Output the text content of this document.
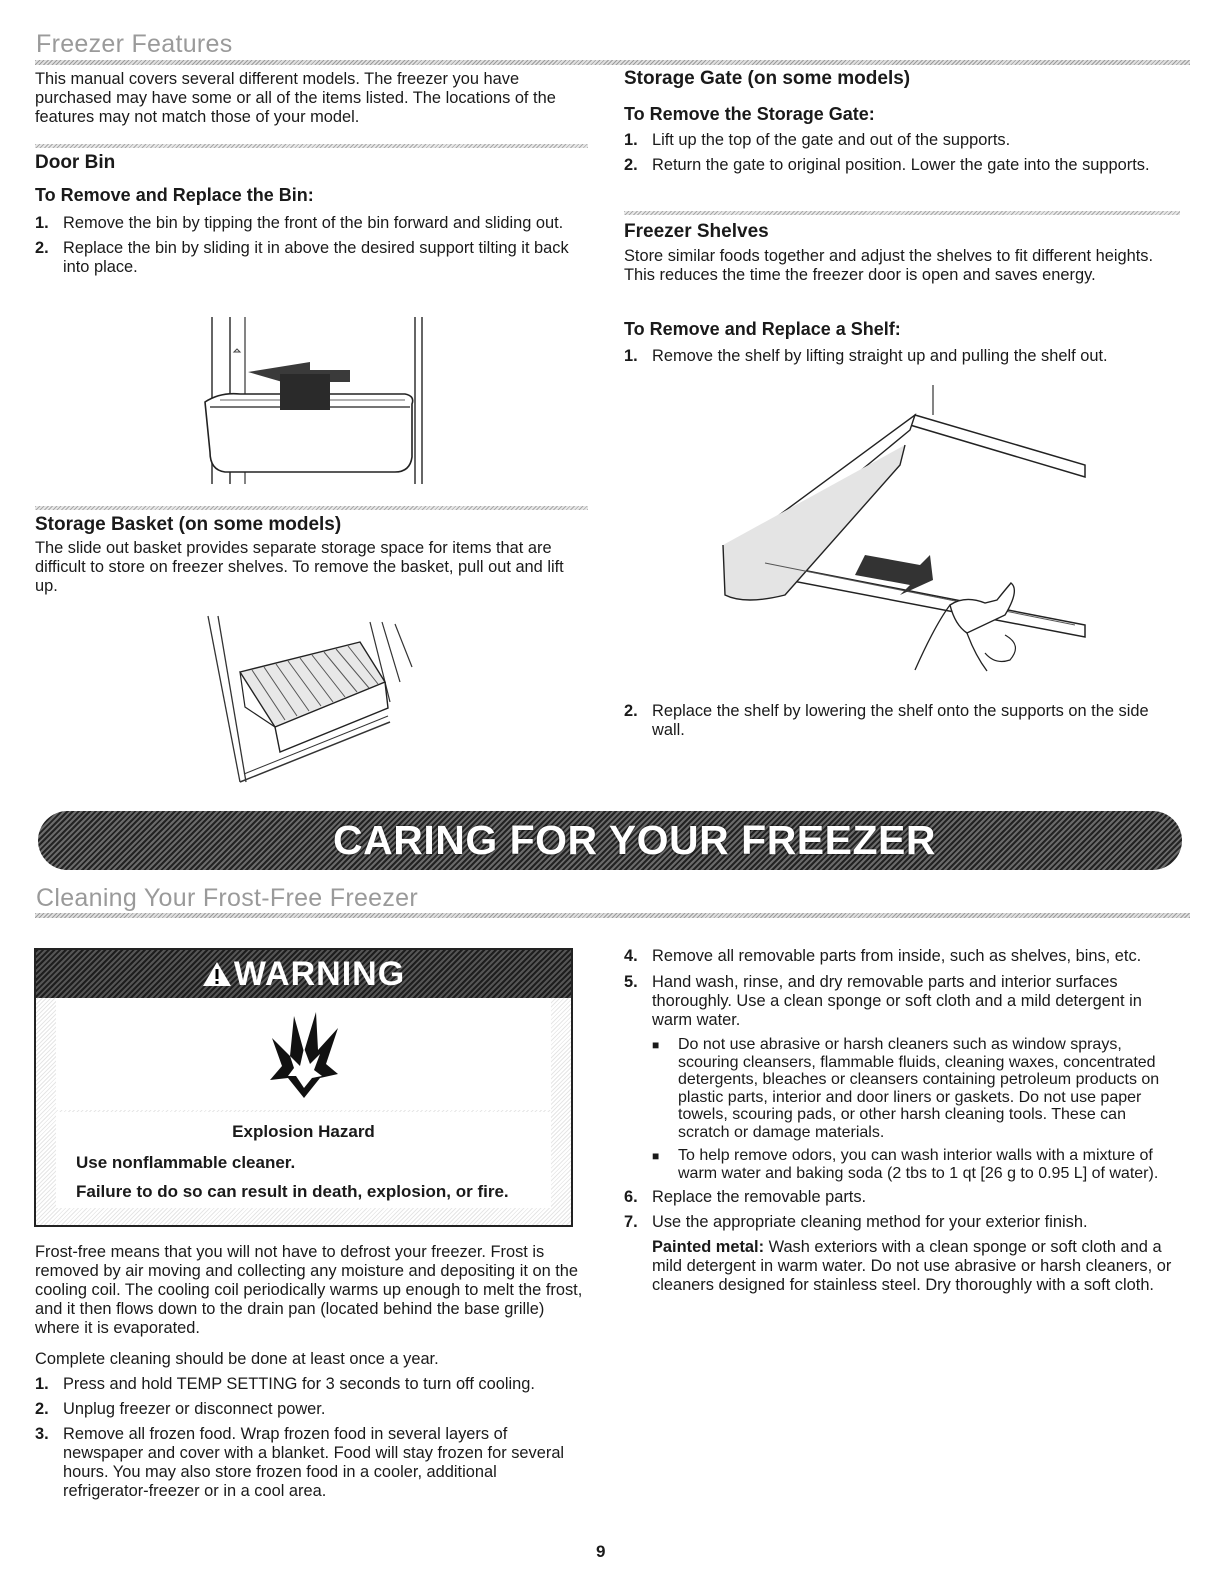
Freezer Features

This manual covers several different models. The freezer you have purchased may have some or all of the items listed. The locations of the features may not match those of your model.

Door Bin
To Remove and Replace the Bin:
1. Remove the bin by tipping the front of the bin forward and sliding out.
2. Replace the bin by sliding it in above the desired support tilting it back into place.
Storage Basket (on some models)

The slide out basket provides separate storage space for items that are difficult to store on freezer shelves. To remove the basket, pull out and lift up.

Storage Gate (on some models)
To Remove the Storage Gate:
1. Lift up the top of the gate and out of the supports.
2. Return the gate to original position. Lower the gate into the supports.
Freezer Shelves

Store similar foods together and adjust the shelves to fit different heights. This reduces the time the freezer door is open and saves energy.

To Remove and Replace a Shelf:
1. Remove the shelf by lifting straight up and pulling the shelf out.
2. Replace the shelf by lowering the shelf onto the supports on the side wall.
CARING FOR YOUR FREEZER
Cleaning Your Frost-Free Freezer
WARNING
Explosion Hazard
Use nonflammable cleaner.
Failure to do so can result in death, explosion, or fire.

Frost-free means that you will not have to defrost your freezer. Frost is removed by air moving and collecting any moisture and depositing it on the cooling coil. The cooling coil periodically warms up enough to melt the frost, and it then flows down to the drain pan (located behind the base grille) where it is evaporated.

Complete cleaning should be done at least once a year.

1. Press and hold TEMP SETTING for 3 seconds to turn off cooling.
2. Unplug freezer or disconnect power.
3. Remove all frozen food. Wrap frozen food in several layers of newspaper and cover with a blanket. Food will stay frozen for several hours. You may also store frozen food in a cooler, additional refrigerator-freezer or in a cool area.
4. Remove all removable parts from inside, such as shelves, bins, etc.
5. Hand wash, rinse, and dry removable parts and interior surfaces thoroughly. Use a clean sponge or soft cloth and a mild detergent in warm water.
■	Do not use abrasive or harsh cleaners such as window sprays, scouring cleansers, flammable fluids, cleaning waxes, concentrated detergents, bleaches or cleansers containing petroleum products on plastic parts, interior and door liners or gaskets. Do not use paper towels, scouring pads, or other harsh cleaning tools. These can scratch or damage materials.
■	To help remove odors, you can wash interior walls with a mixture of warm water and baking soda (2 tbs to 1 qt [26 g to 0.95 L] of water).
6. Replace the removable parts.
7. Use the appropriate cleaning method for your exterior finish.

Painted metal: Wash exteriors with a clean sponge or soft cloth and a mild detergent in warm water. Do not use abrasive or harsh cleaners, or cleaners designed for stainless steel. Dry thoroughly with a soft cloth.

9
